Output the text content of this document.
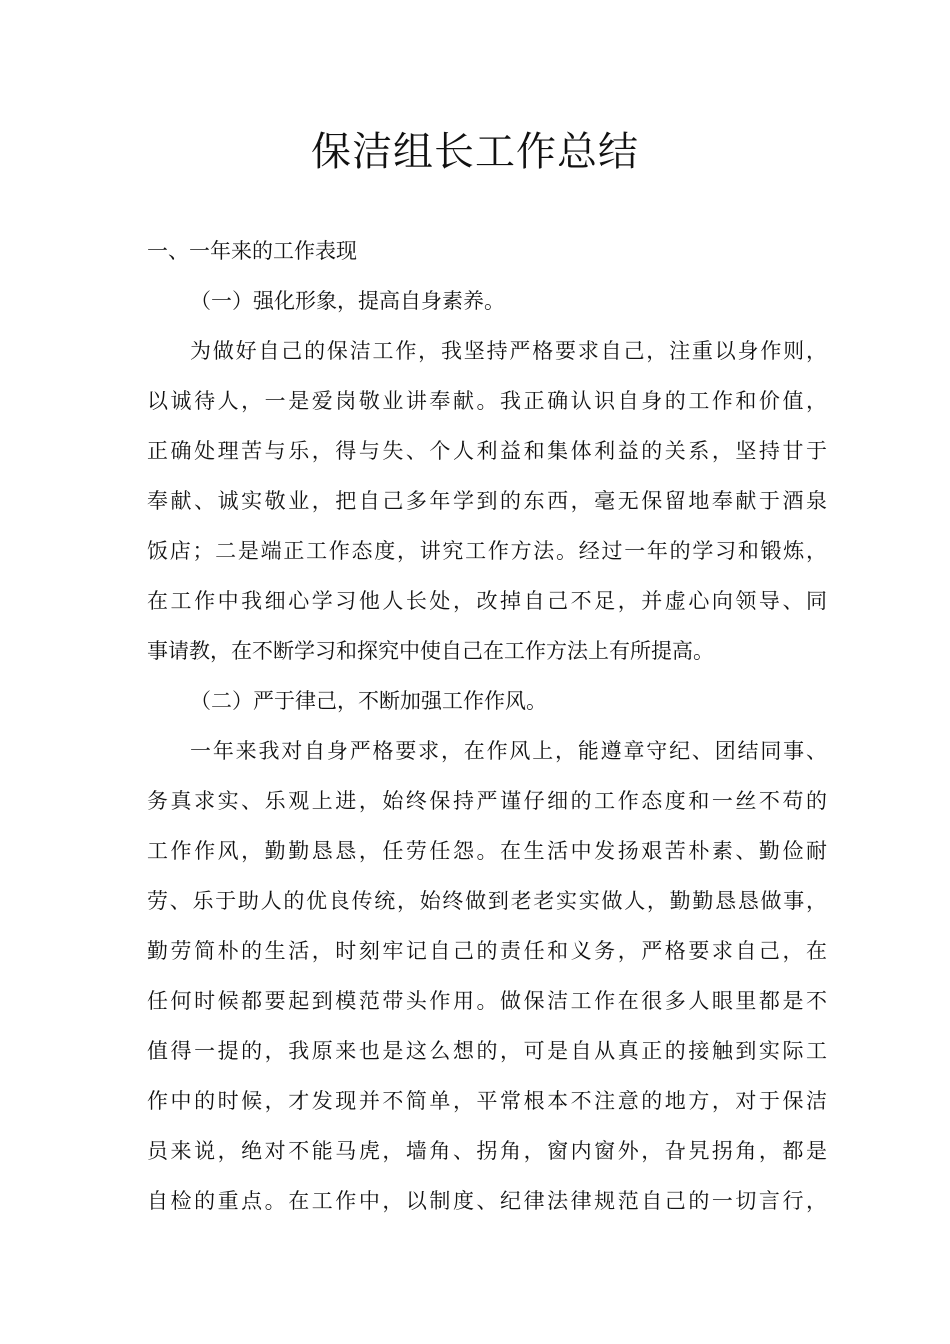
保洁组长工作总结
一、一年来的工作表现
（一）强化形象，提高自身素养。
为做好自己的保洁工作，我坚持严格要求自己，注重以身作则，
以诚待人，一是爱岗敬业讲奉献。我正确认识自身的工作和价值，
正确处理苦与乐，得与失、个人利益和集体利益的关系，坚持甘于
奉献、诚实敬业，把自己多年学到的东西，毫无保留地奉献于酒泉
饭店；二是端正工作态度，讲究工作方法。经过一年的学习和锻炼，
在工作中我细心学习他人长处，改掉自己不足，并虚心向领导、同
事请教，在不断学习和探究中使自己在工作方法上有所提高。
（二）严于律己，不断加强工作作风。
一年来我对自身严格要求，在作风上，能遵章守纪、团结同事、
务真求实、乐观上进，始终保持严谨仔细的工作态度和一丝不苟的
工作作风，勤勤恳恳，任劳任怨。在生活中发扬艰苦朴素、勤俭耐
劳、乐于助人的优良传统，始终做到老老实实做人，勤勤恳恳做事，
勤劳简朴的生活，时刻牢记自己的责任和义务，严格要求自己，在
任何时候都要起到模范带头作用。做保洁工作在很多人眼里都是不
值得一提的，我原来也是这么想的，可是自从真正的接触到实际工
作中的时候，才发现并不简单，平常根本不注意的地方，对于保洁
员来说，绝对不能马虎，墙角、拐角，窗内窗外，旮旯拐角，都是
自检的重点。在工作中，以制度、纪律法律规范自己的一切言行，
